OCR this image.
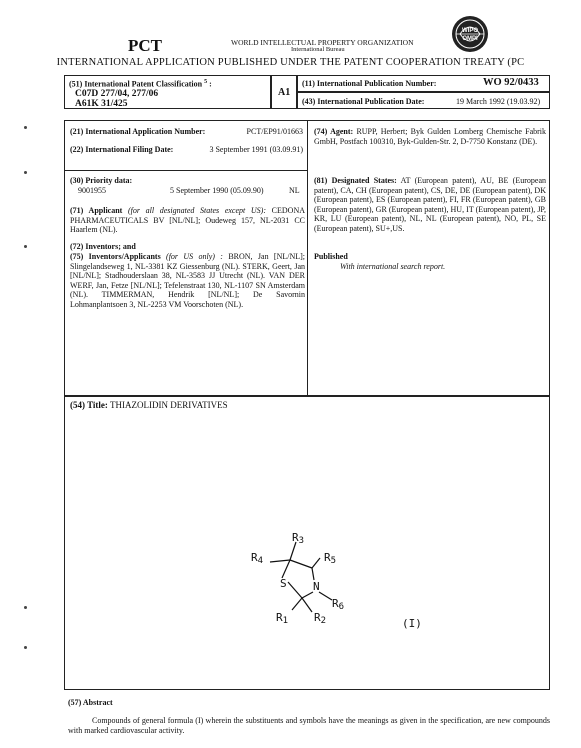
PCT	WORLD INTELLECTUAL PROPERTY ORGANIZATION
International Bureau
WIPO
OMPI
INTERNATIONAL APPLICATION PUBLISHED UNDER THE PATENT COOPERATION TREATY (PC
(51) International Patent Classification $^5$ :
C07D 277/04, 277/06
A61K 31/425
A1
(11) International Publication Number:	WO 92/0433
(43) International Publication Date:	19 March 1992 (19.03.92)
(21) International Application Number:	PCT/EP91/01663
(22) International Filing Date:	3 September 1991 (03.09.91)
(30) Priority data:
9001955	5 September 1990 (05.09.90)	NL
(71) Applicant (for all designated States except US): CEDONA PHARMACEUTICALS BV [NL/NL]; Oudeweg 157, NL-2031 CC Haarlem (NL).
(72) Inventors; and
(75) Inventors/Applicants (for US only) : BRON, Jan [NL/NL]; Slingelandseweg 1, NL-3381 KZ Giessenburg (NL). STERK, Geert, Jan [NL/NL]; Stadhouderslaan 38, NL-3583 JJ Utrecht (NL). VAN DER WERF, Jan, Fetze [NL/NL]; Tefelenstraat 130, NL-1107 SN Amsterdam (NL). TIMMERMAN, Hendrik [NL/NL]; De Savornin Lohmanplantsoen 3, NL-2253 VM Voorschoten (NL).
(74) Agent: RUPP, Herbert; Byk Gulden Lomberg Chemische Fabrik GmbH, Postfach 100310, Byk-Gulden-Str. 2, D-7750 Konstanz (DE).
(81) Designated States: AT (European patent), AU, BE (European patent), CA, CH (European patent), CS, DE, DE (European patent), DK (European patent), ES (European patent), FI, FR (European patent), GB (European patent), GR (European patent), HU, IT (European patent), JP, KR, LU (European patent), NL, NL (European patent), NO, PL, SE (European patent), SU+,US.
Published
With international search report.
(54) Title: THIAZOLIDIN DERIVATIVES
R3
R4	R5
S N
R6
R1 R2	(I)
(57) Abstract
Compounds of general formula (I) wherein the substituents and symbols have the meanings as given in the specification, are new compounds with marked cardiovascular activity.
